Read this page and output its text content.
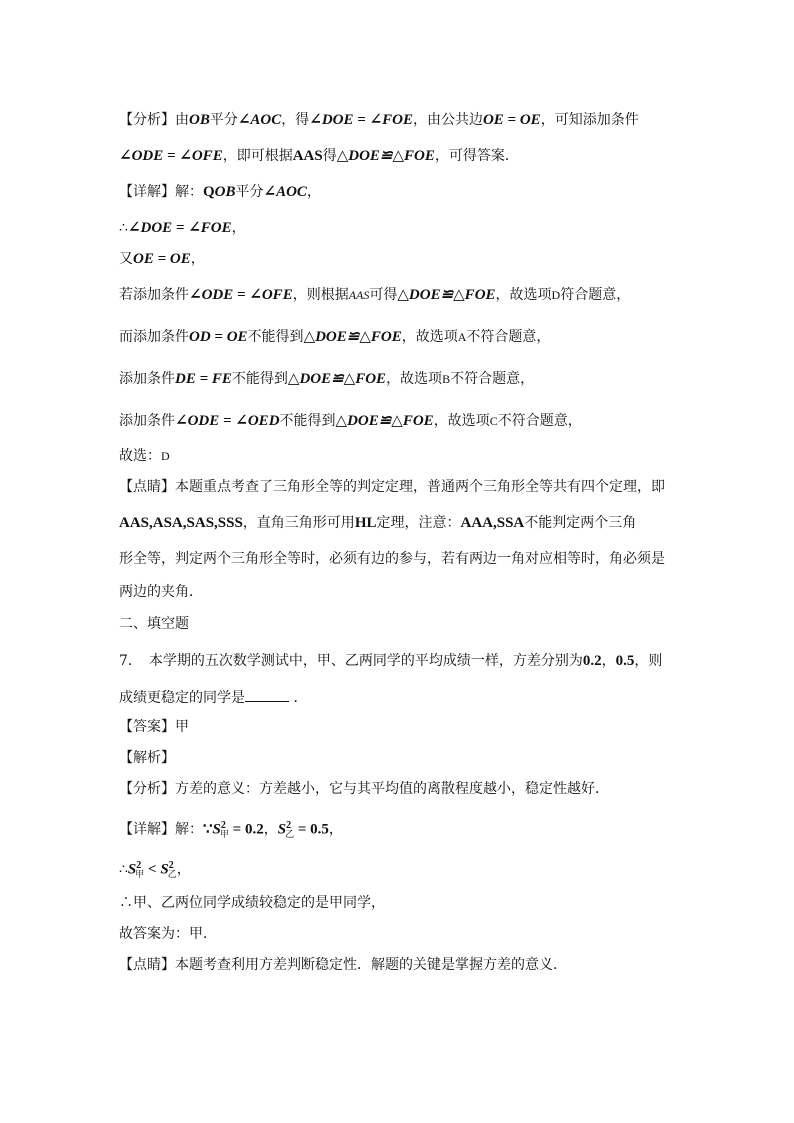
【分析】由OB平分∠AOC，得∠DOE = ∠FOE，由公共边OE = OE，可知添加条件
∠ODE = ∠OFE，即可根据AAS得△DOE≌△FOE，可得答案．
【详解】解：QOB平分∠AOC，
∴∠DOE = ∠FOE，
又OE = OE，
若添加条件∠ODE = ∠OFE，则根据AAS可得△DOE≌△FOE，故选项D符合题意，
而添加条件OD = OE不能得到△DOE≌△FOE，故选项A不符合题意，
添加条件DE = FE不能得到△DOE≌△FOE，故选项B不符合题意，
添加条件∠ODE = ∠OED不能得到△DOE≌△FOE，故选项C不符合题意，
故选：D
【点睛】本题重点考查了三角形全等的判定定理，普通两个三角形全等共有四个定理，即
AAS,ASA,SAS,SSS，直角三角形可用HL定理，注意：AAA,SSA不能判定两个三角
形全等，判定两个三角形全等时，必须有边的参与，若有两边一角对应相等时，角必须是
两边的夹角．
二、填空题
7．　本学期的五次数学测试中，甲、乙两同学的平均成绩一样，方差分别为0.2，0.5，则
成绩更稳定的同学是	．
【答案】甲
【解析】
【分析】方差的意义：方差越小，它与其平均值的离散程度越小，稳定性越好．
【详解】解：$\because S^2_甲 = 0.2$，$S^2_乙 = 0.5$，
$\therefore S^2_甲 < S^2_乙$，
∴甲、乙两位同学成绩较稳定的是甲同学，
故答案为：甲．
【点睛】本题考查利用方差判断稳定性．解题的关键是掌握方差的意义．
